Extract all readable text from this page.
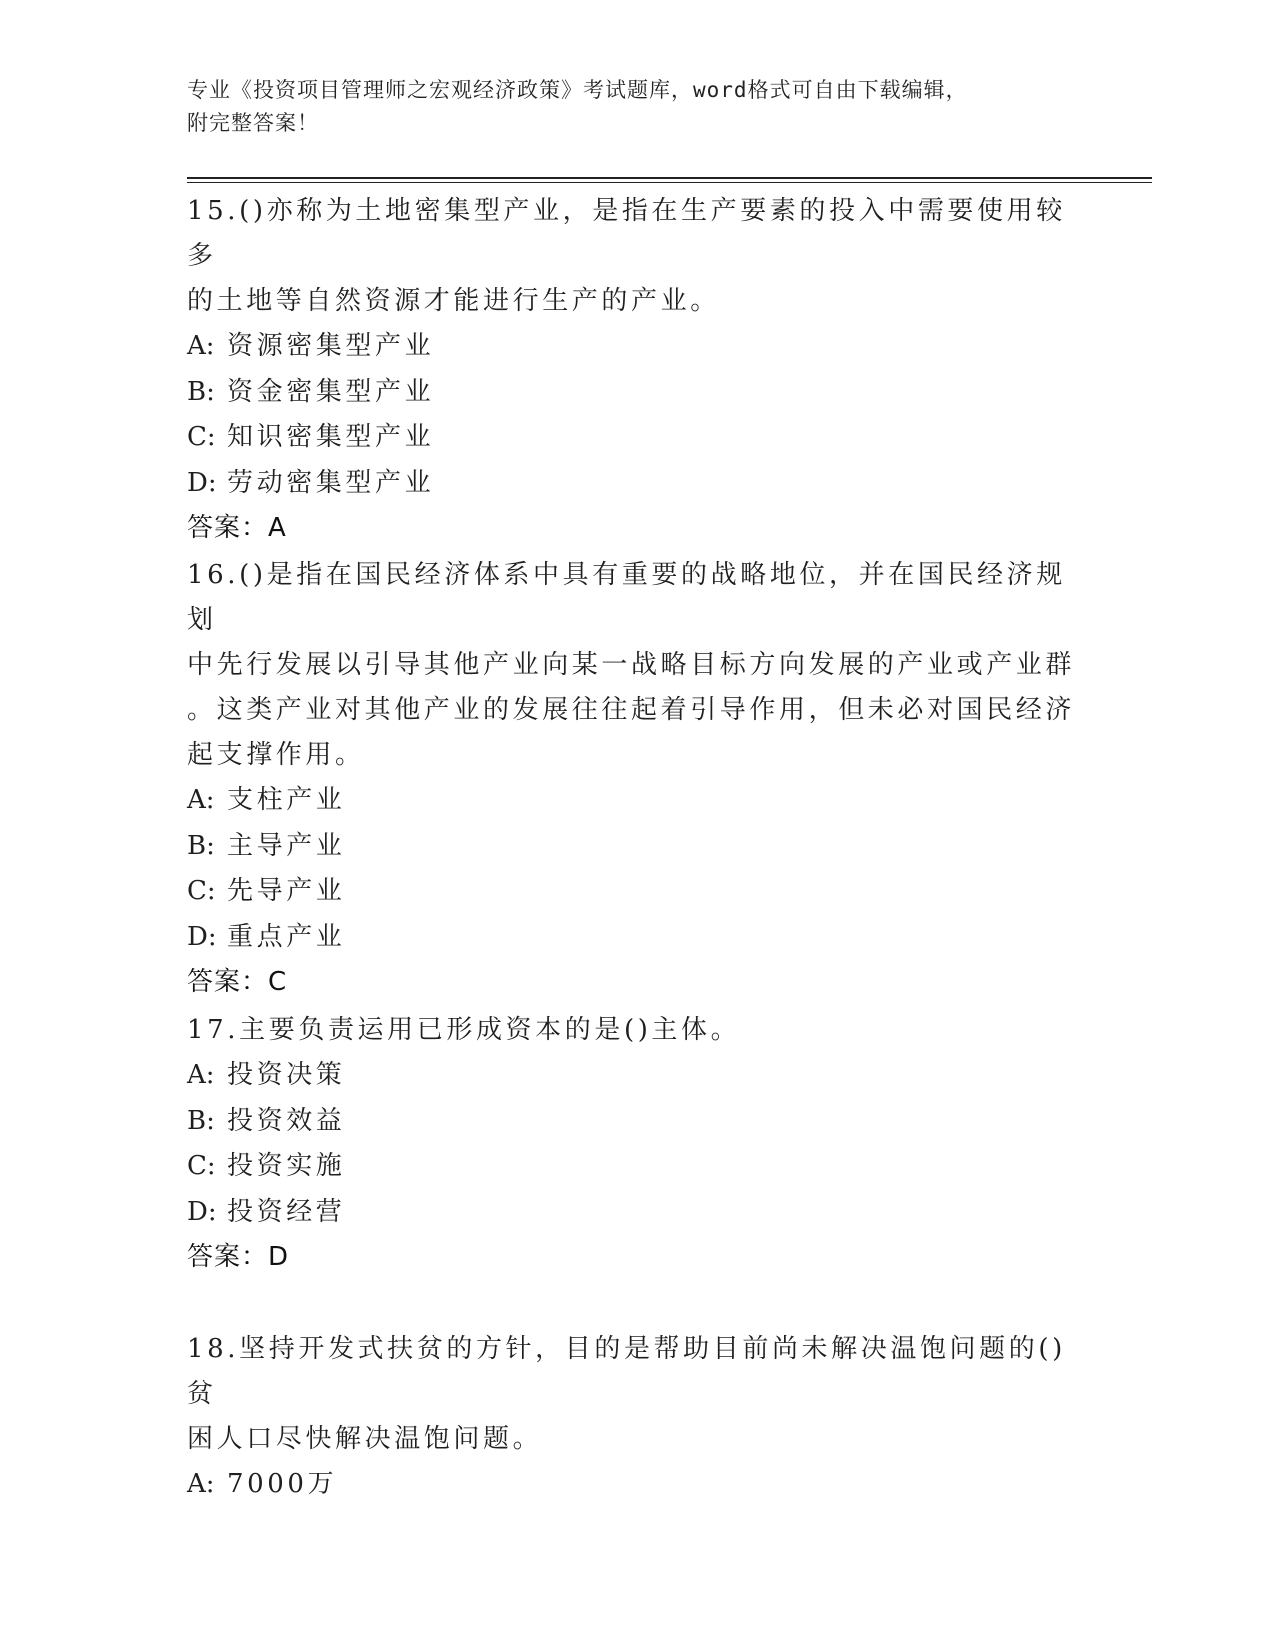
专业《投资项目管理师之宏观经济政策》考试题库，word格式可自由下载编辑，
附完整答案！
15.()亦称为土地密集型产业，是指在生产要素的投入中需要使用较多
的土地等自然资源才能进行生产的产业。
A: 资源密集型产业
B: 资金密集型产业
C: 知识密集型产业
D: 劳动密集型产业
答案：A
16.()是指在国民经济体系中具有重要的战略地位，并在国民经济规划
中先行发展以引导其他产业向某一战略目标方向发展的产业或产业群
。这类产业对其他产业的发展往往起着引导作用，但未必对国民经济
起支撑作用。
A: 支柱产业
B: 主导产业
C: 先导产业
D: 重点产业
答案：C
17.主要负责运用已形成资本的是()主体。
A: 投资决策
B: 投资效益
C: 投资实施
D: 投资经营
答案：D
18.坚持开发式扶贫的方针，目的是帮助目前尚未解决温饱问题的()贫
困人口尽快解决温饱问题。
A: 7000万
